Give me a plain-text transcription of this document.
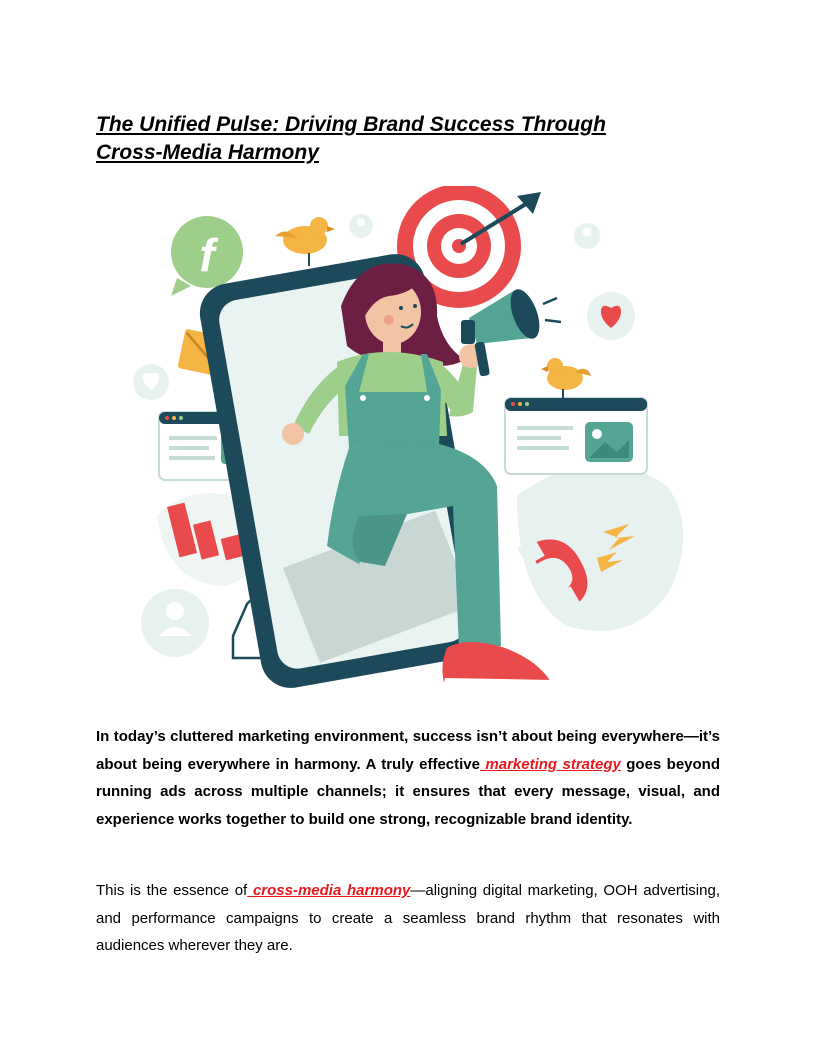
The Unified Pulse: Driving Brand Success Through
Cross-Media Harmony
f

In today’s cluttered marketing environment, success isn’t about being everywhere—it’s about being everywhere in harmony. A truly effective marketing strategy goes beyond running ads across multiple channels; it ensures that every message, visual, and experience works together to build one strong, recognizable brand identity.

This is the essence of cross-media harmony—aligning digital marketing, OOH advertising, and performance campaigns to create a seamless brand rhythm that resonates with audiences wherever they are.
